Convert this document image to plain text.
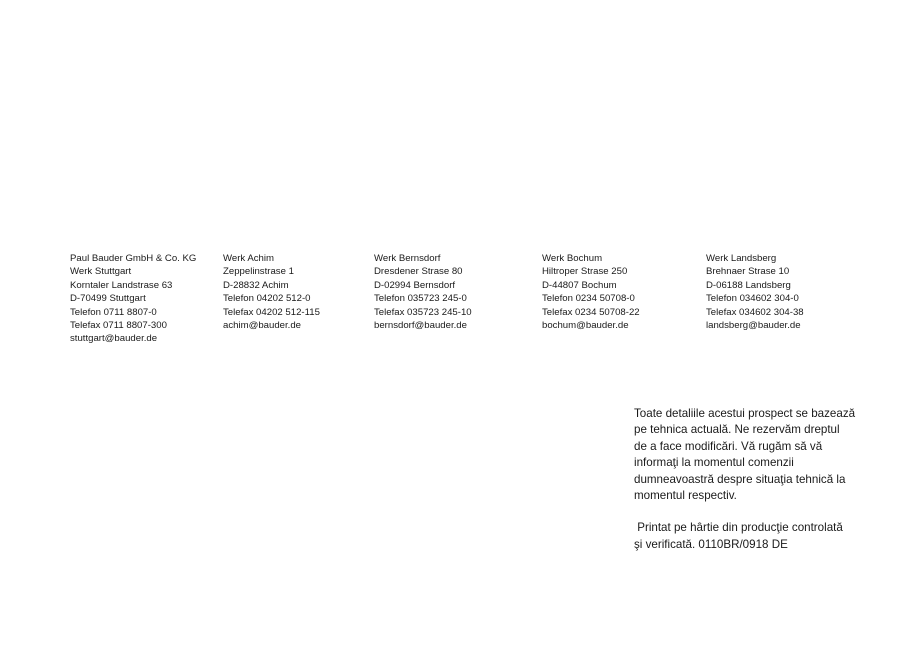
Paul Bauder GmbH & Co. KG
Werk Stuttgart
Korntaler Landstrase 63
D-70499 Stuttgart
Telefon 0711 8807-0
Telefax 0711 8807-300
stuttgart@bauder.de
Werk Achim
Zeppelinstrase 1
D-28832 Achim
Telefon 04202 512-0
Telefax 04202 512-115
achim@bauder.de
Werk Bernsdorf
Dresdener Strase 80
D-02994 Bernsdorf
Telefon 035723 245-0
Telefax 035723 245-10
bernsdorf@bauder.de
Werk Bochum
Hiltroper Strase 250
D-44807 Bochum
Telefon 0234 50708-0
Telefax 0234 50708-22
bochum@bauder.de
Werk Landsberg
Brehnaer Strase 10
D-06188 Landsberg
Telefon 034602 304-0
Telefax 034602 304-38
landsberg@bauder.de

Toate detaliile acestui prospect se bazează
pe tehnica actuală. Ne rezervăm dreptul
de a face modificări. Vă rugăm să vă
informaţi la momentul comenzii
dumneavoastră despre situaţia tehnică la
momentul respectiv.

Printat pe hârtie din producţie controlată
şi verificată. 0110BR/0918 DE
